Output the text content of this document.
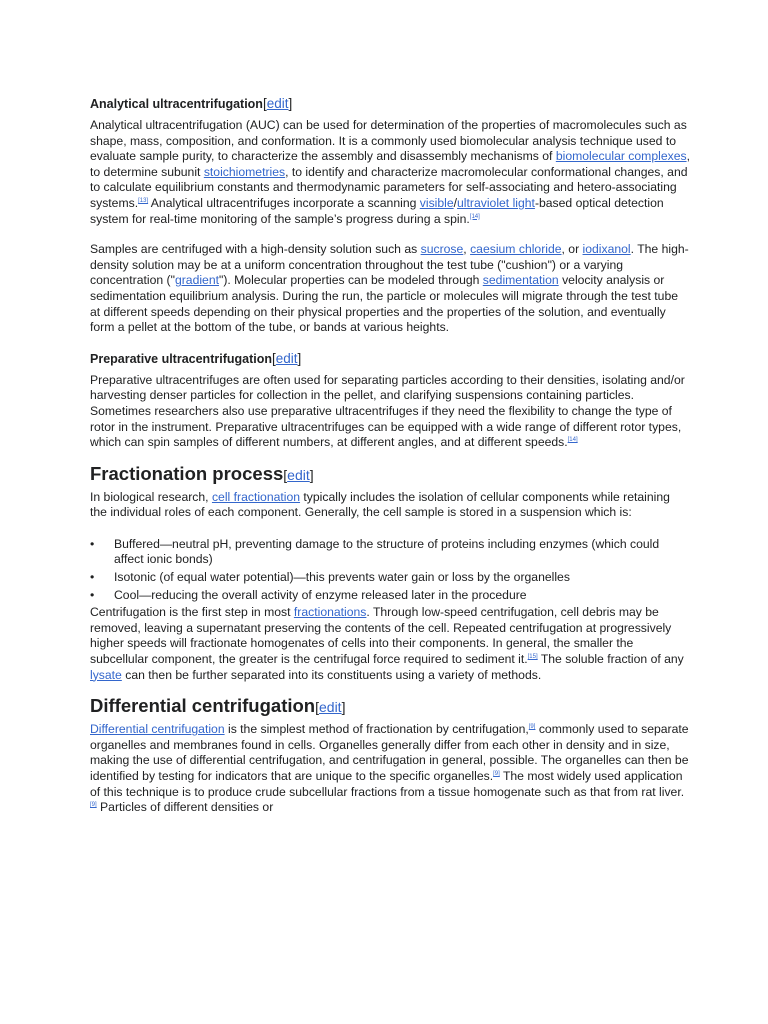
Analytical ultracentrifugation[edit]

Analytical ultracentrifugation (AUC) can be used for determination of the properties of macromolecules such as shape, mass, composition, and conformation. It is a commonly used biomolecular analysis technique used to evaluate sample purity, to characterize the assembly and disassembly mechanisms of biomolecular complexes, to determine subunit stoichiometries, to identify and characterize macromolecular conformational changes, and to calculate equilibrium constants and thermodynamic parameters for self-associating and hetero-associating systems.[13] Analytical ultracentrifuges incorporate a scanning visible/ultraviolet light-based optical detection system for real-time monitoring of the sample’s progress during a spin.[14]

Samples are centrifuged with a high-density solution such as sucrose, caesium chloride, or iodixanol. The high-density solution may be at a uniform concentration throughout the test tube ("cushion") or a varying concentration ("gradient"). Molecular properties can be modeled through sedimentation velocity analysis or sedimentation equilibrium analysis. During the run, the particle or molecules will migrate through the test tube at different speeds depending on their physical properties and the properties of the solution, and eventually form a pellet at the bottom of the tube, or bands at various heights.

Preparative ultracentrifugation[edit]

Preparative ultracentrifuges are often used for separating particles according to their densities, isolating and/or harvesting denser particles for collection in the pellet, and clarifying suspensions containing particles. Sometimes researchers also use preparative ultracentrifuges if they need the flexibility to change the type of rotor in the instrument. Preparative ultracentrifuges can be equipped with a wide range of different rotor types, which can spin samples of different numbers, at different angles, and at different speeds.[14]

Fractionation process[edit]

In biological research, cell fractionation typically includes the isolation of cellular components while retaining the individual roles of each component. Generally, the cell sample is stored in a suspension which is:

• Buffered—neutral pH, preventing damage to the structure of proteins including enzymes (which could affect ionic bonds)
• Isotonic (of equal water potential)—this prevents water gain or loss by the organelles
• Cool—reducing the overall activity of enzyme released later in the procedure

Centrifugation is the first step in most fractionations. Through low-speed centrifugation, cell debris may be removed, leaving a supernatant preserving the contents of the cell. Repeated centrifugation at progressively higher speeds will fractionate homogenates of cells into their components. In general, the smaller the subcellular component, the greater is the centrifugal force required to sediment it.[15] The soluble fraction of any lysate can then be further separated into its constituents using a variety of methods.

Differential centrifugation[edit]

Differential centrifugation is the simplest method of fractionation by centrifugation,[9] commonly used to separate organelles and membranes found in cells. Organelles generally differ from each other in density and in size, making the use of differential centrifugation, and centrifugation in general, possible. The organelles can then be identified by testing for indicators that are unique to the specific organelles.[9] The most widely used application of this technique is to produce crude subcellular fractions from a tissue homogenate such as that from rat liver.[9] Particles of different densities or
